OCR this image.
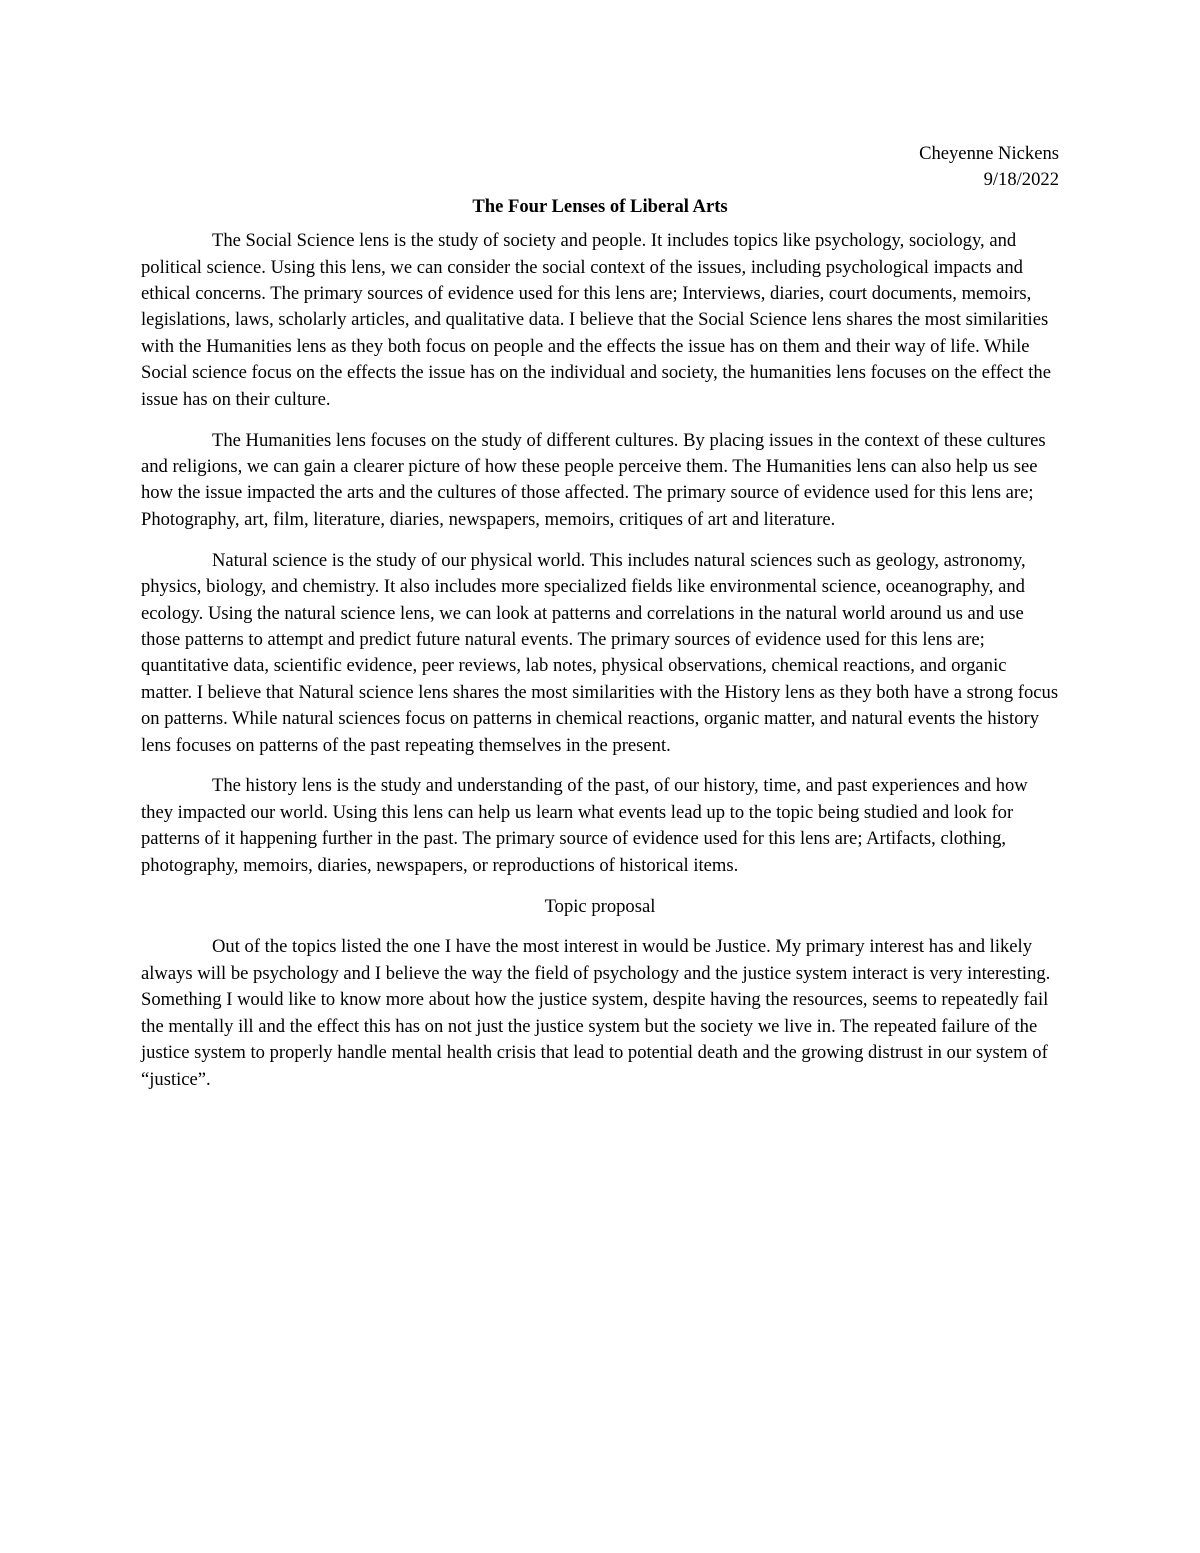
Cheyenne Nickens
9/18/2022
The Four Lenses of Liberal Arts

The Social Science lens is the study of society and people. It includes topics like psychology, sociology, and political science. Using this lens, we can consider the social context of the issues, including psychological impacts and ethical concerns. The primary sources of evidence used for this lens are; Interviews, diaries, court documents, memoirs, legislations, laws, scholarly articles, and qualitative data. I believe that the Social Science lens shares the most similarities with the Humanities lens as they both focus on people and the effects the issue has on them and their way of life. While Social science focus on the effects the issue has on the individual and society, the humanities lens focuses on the effect the issue has on their culture.

The Humanities lens focuses on the study of different cultures. By placing issues in the context of these cultures and religions, we can gain a clearer picture of how these people perceive them. The Humanities lens can also help us see how the issue impacted the arts and the cultures of those affected. The primary source of evidence used for this lens are; Photography, art, film, literature, diaries, newspapers, memoirs, critiques of art and literature.

Natural science is the study of our physical world. This includes natural sciences such as geology, astronomy, physics, biology, and chemistry. It also includes more specialized fields like environmental science, oceanography, and ecology. Using the natural science lens, we can look at patterns and correlations in the natural world around us and use those patterns to attempt and predict future natural events. The primary sources of evidence used for this lens are; quantitative data, scientific evidence, peer reviews, lab notes, physical observations, chemical reactions, and organic matter. I believe that Natural science lens shares the most similarities with the History lens as they both have a strong focus on patterns. While natural sciences focus on patterns in chemical reactions, organic matter, and natural events the history lens focuses on patterns of the past repeating themselves in the present.

The history lens is the study and understanding of the past, of our history, time, and past experiences and how they impacted our world. Using this lens can help us learn what events lead up to the topic being studied and look for patterns of it happening further in the past. The primary source of evidence used for this lens are; Artifacts, clothing, photography, memoirs, diaries, newspapers, or reproductions of historical items.

Topic proposal

Out of the topics listed the one I have the most interest in would be Justice. My primary interest has and likely always will be psychology and I believe the way the field of psychology and the justice system interact is very interesting. Something I would like to know more about how the justice system, despite having the resources, seems to repeatedly fail the mentally ill and the effect this has on not just the justice system but the society we live in. The repeated failure of the justice system to properly handle mental health crisis that lead to potential death and the growing distrust in our system of “justice”.
